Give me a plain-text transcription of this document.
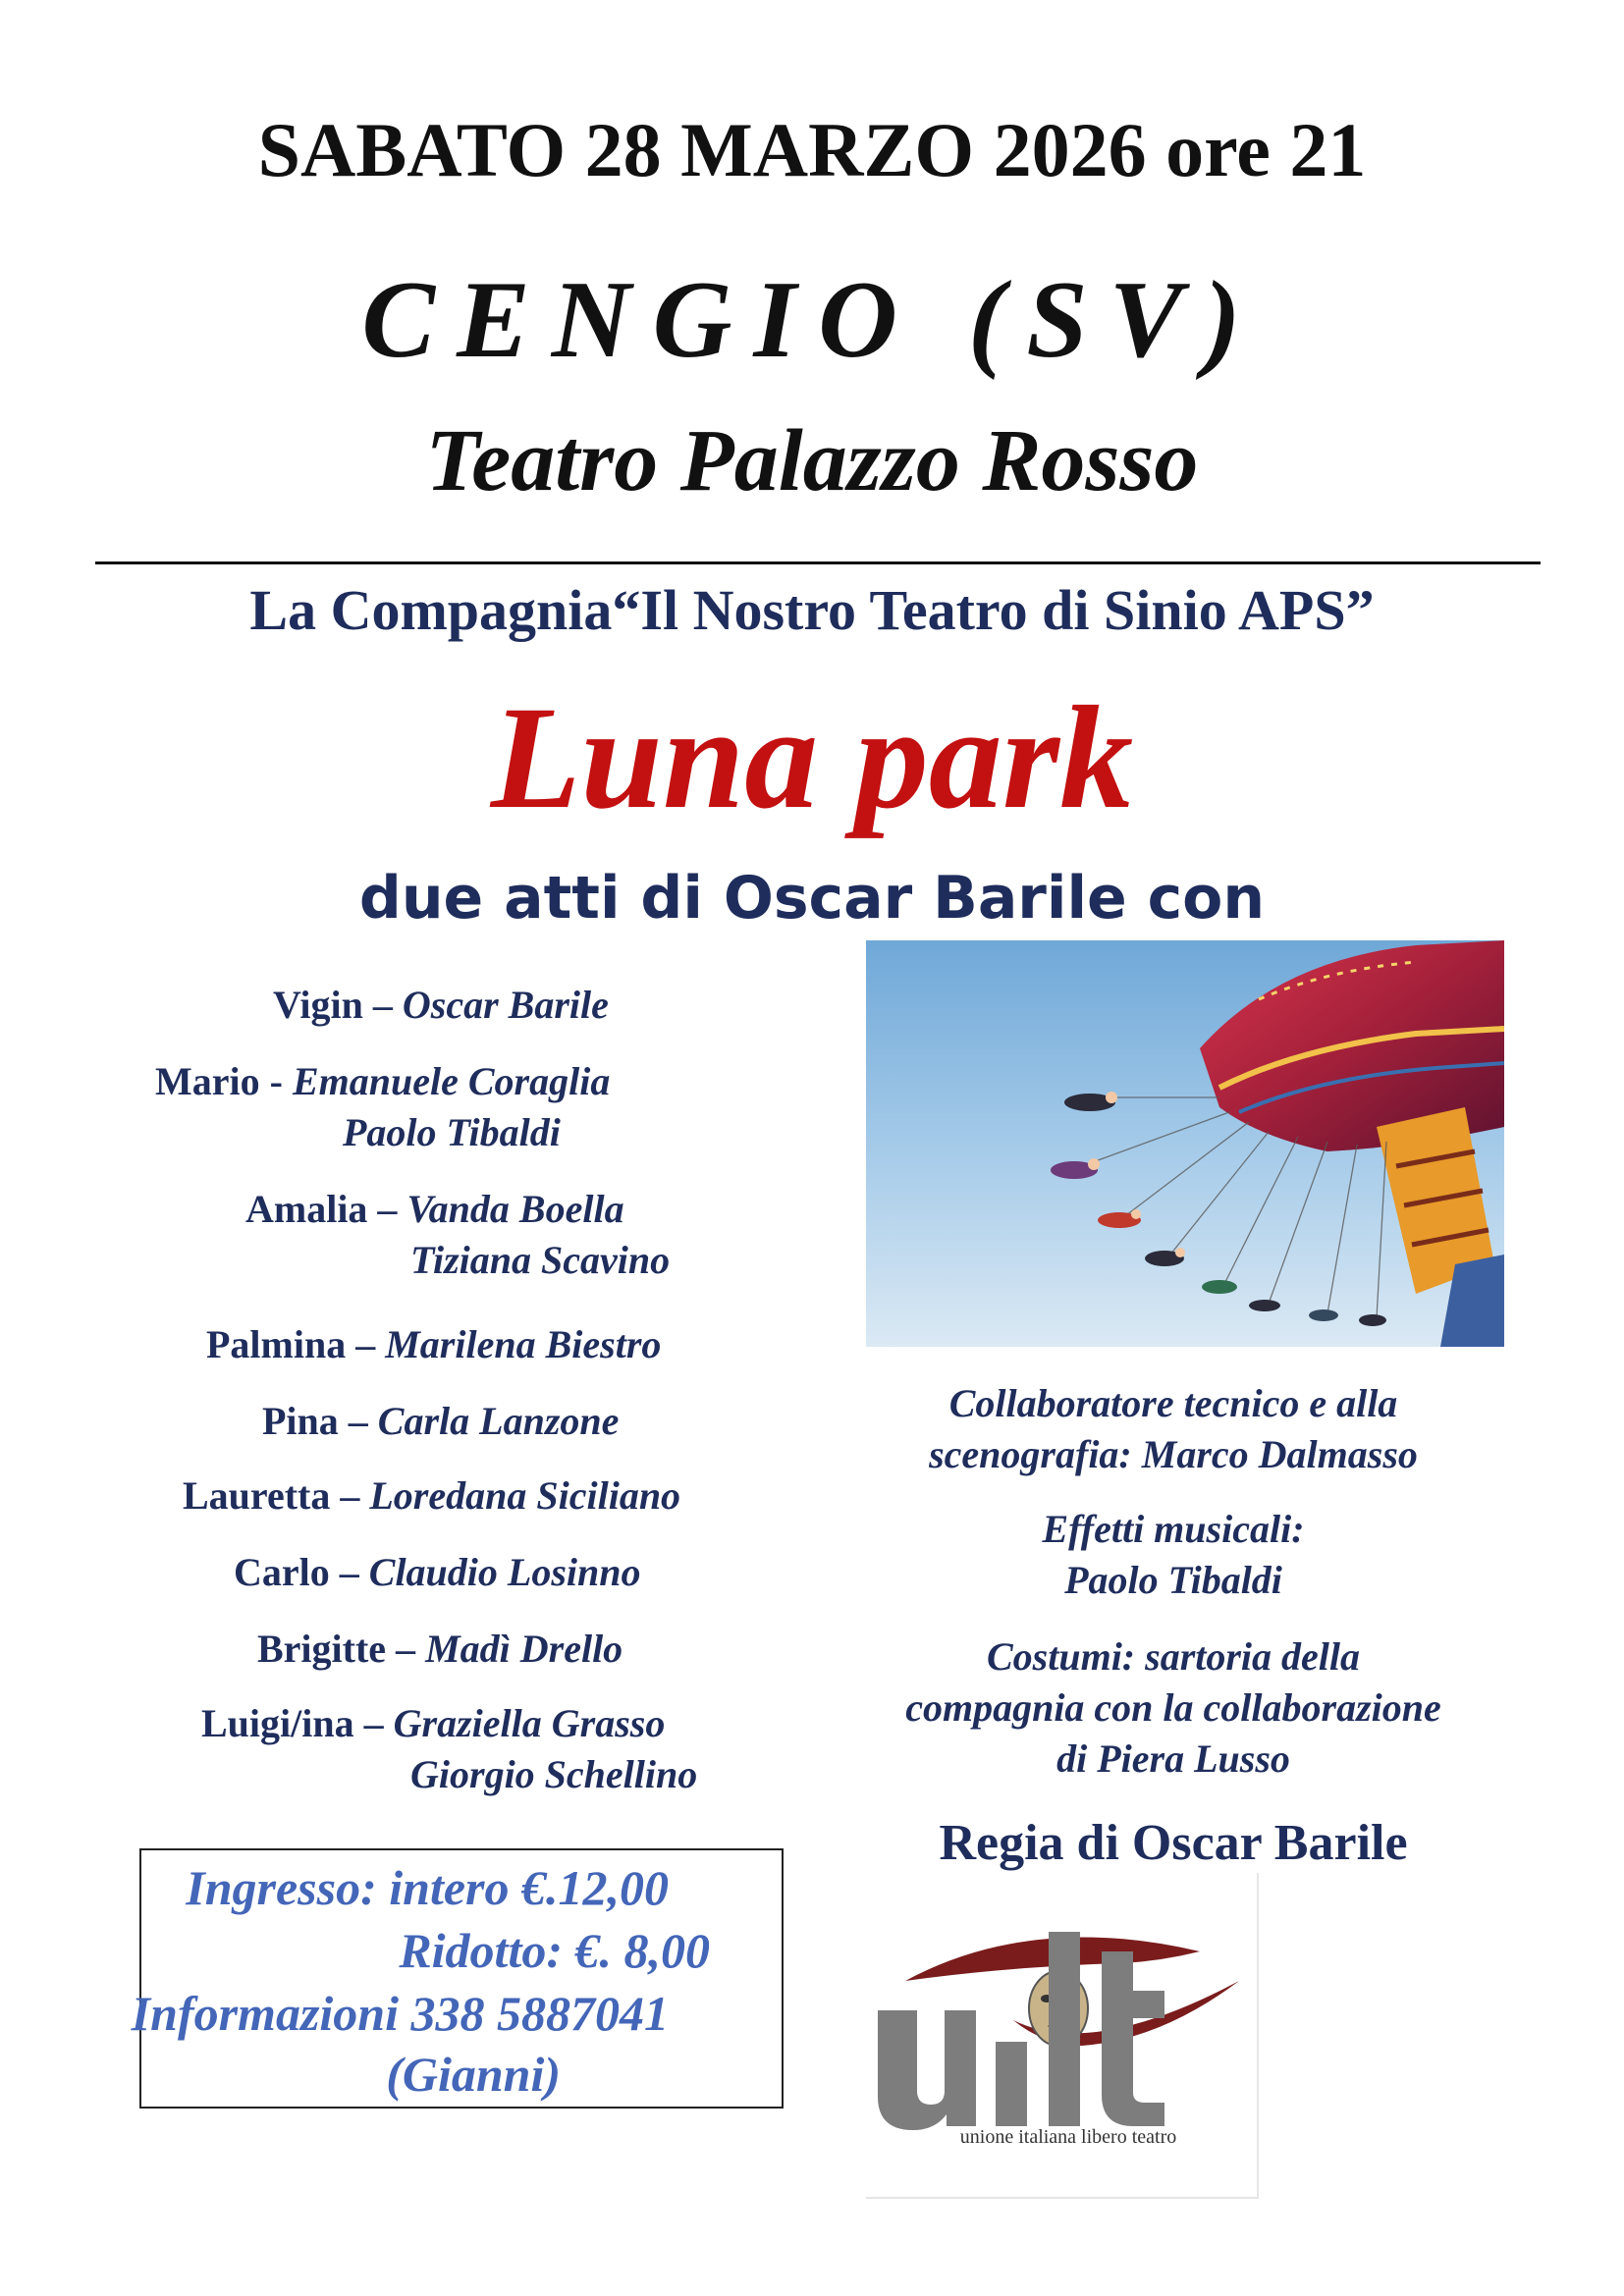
SABATO 28 MARZO 2026 ore 21
CENGIO (SV)
Teatro Palazzo Rosso
La Compagnia“Il Nostro Teatro di Sinio APS”
Luna park
due atti di Oscar Barile con
Vigin – Oscar Barile
Mario - Emanuele Coraglia
Paolo Tibaldi
Amalia – Vanda Boella
Tiziana Scavino
Palmina – Marilena Biestro
Pina – Carla Lanzone
Lauretta – Loredana Siciliano
Carlo – Claudio Losinno
Brigitte – Madì Drello
Luigi/ina – Graziella Grasso
Giorgio Schellino
Collaboratore tecnico e alla
scenografia: Marco Dalmasso
Effetti musicali:
Paolo Tibaldi
Costumi: sartoria della
compagnia con la collaborazione
di Piera Lusso
Regia di Oscar Barile
Ingresso: intero €.12,00
Ridotto: €. 8,00
Informazioni 338 5887041
(Gianni)
unione italiana libero teatro
